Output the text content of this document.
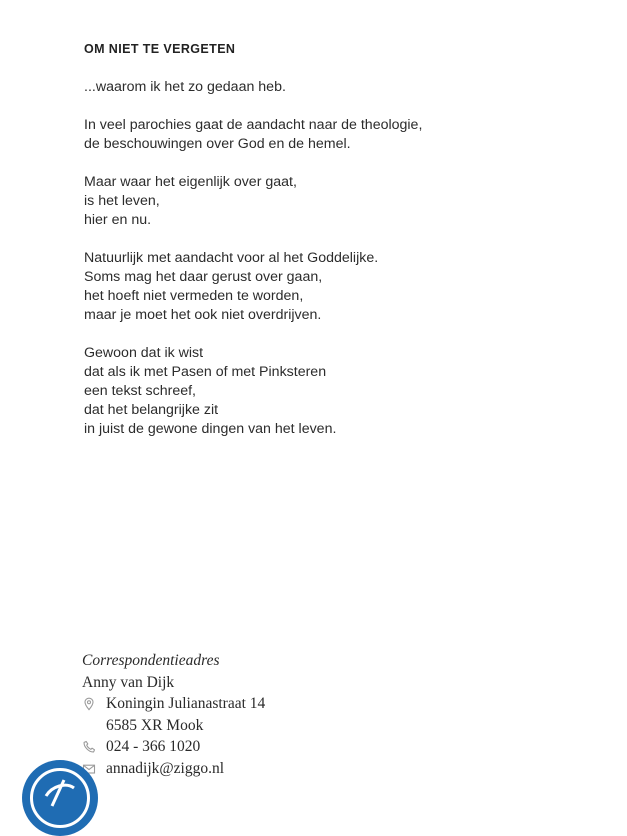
OM NIET TE VERGETEN
...waarom ik het zo gedaan heb.
In veel parochies gaat de aandacht naar de theologie,
de beschouwingen over God en de hemel.
Maar waar het eigenlijk over gaat,
is het leven,
hier en nu.
Natuurlijk met aandacht voor al het Goddelijke.
Soms mag het daar gerust over gaan,
het hoeft niet vermeden te worden,
maar je moet het ook niet overdrijven.
Gewoon dat ik wist
dat als ik met Pasen of met Pinksteren
een tekst schreef,
dat het belangrijke zit
in juist de gewone dingen van het leven.
Correspondentieadres
Anny van Dijk
Koningin Julianastraat 14
6585 XR Mook
024 - 366 1020
annadijk@ziggo.nl
